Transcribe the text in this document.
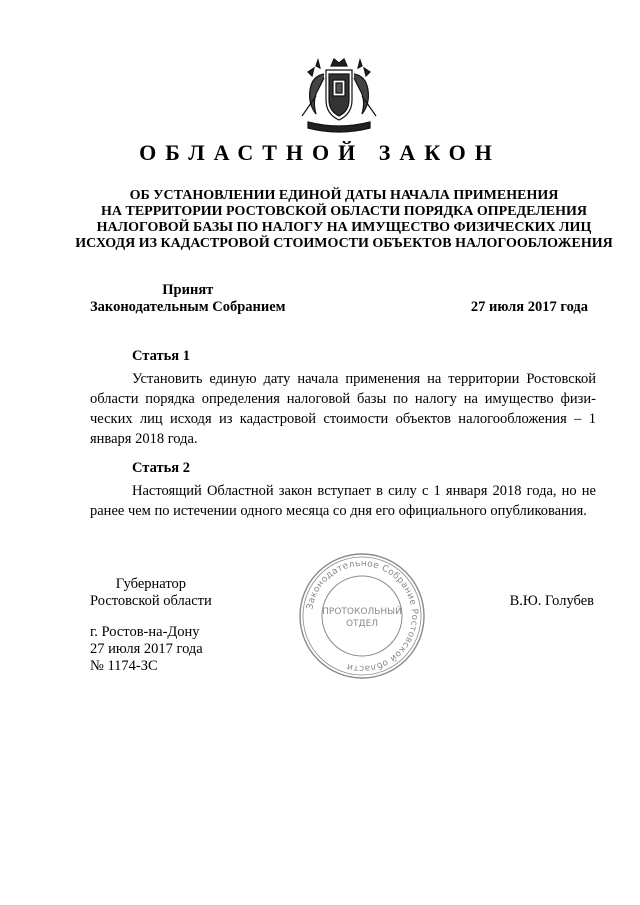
ОБЛАСТНОЙ ЗАКОН
ОБ УСТАНОВЛЕНИИ ЕДИНОЙ ДАТЫ НАЧАЛА ПРИМЕНЕНИЯ
НА ТЕРРИТОРИИ РОСТОВСКОЙ ОБЛАСТИ ПОРЯДКА ОПРЕДЕЛЕНИЯ
НАЛОГОВОЙ БАЗЫ ПО НАЛОГУ НА ИМУЩЕСТВО ФИЗИЧЕСКИХ ЛИЦ
ИСХОДЯ ИЗ КАДАСТРОВОЙ СТОИМОСТИ ОБЪЕКТОВ НАЛОГООБЛОЖЕНИЯ
Принят
Законодательным Собранием	27 июля 2017 года
Статья 1
Установить единую дату начала применения на территории Ростовской области порядка определения налоговой базы по налогу на имущество физических лиц исходя из кадастровой стоимости объектов налогообложения – 1 января 2018 года.
Статья 2
Настоящий Областной закон вступает в силу с 1 января 2018 года, но не ранее чем по истечении одного месяца со дня его официального опубликования.
Губернатор
Ростовской области	В.Ю. Голубев
г. Ростов-на-Дону
27 июля 2017 года
№ 1174-ЗС
Законодательное Собрание Ростовской области
ПРОТОКОЛЬНЫЙ
ОТДЕЛ
